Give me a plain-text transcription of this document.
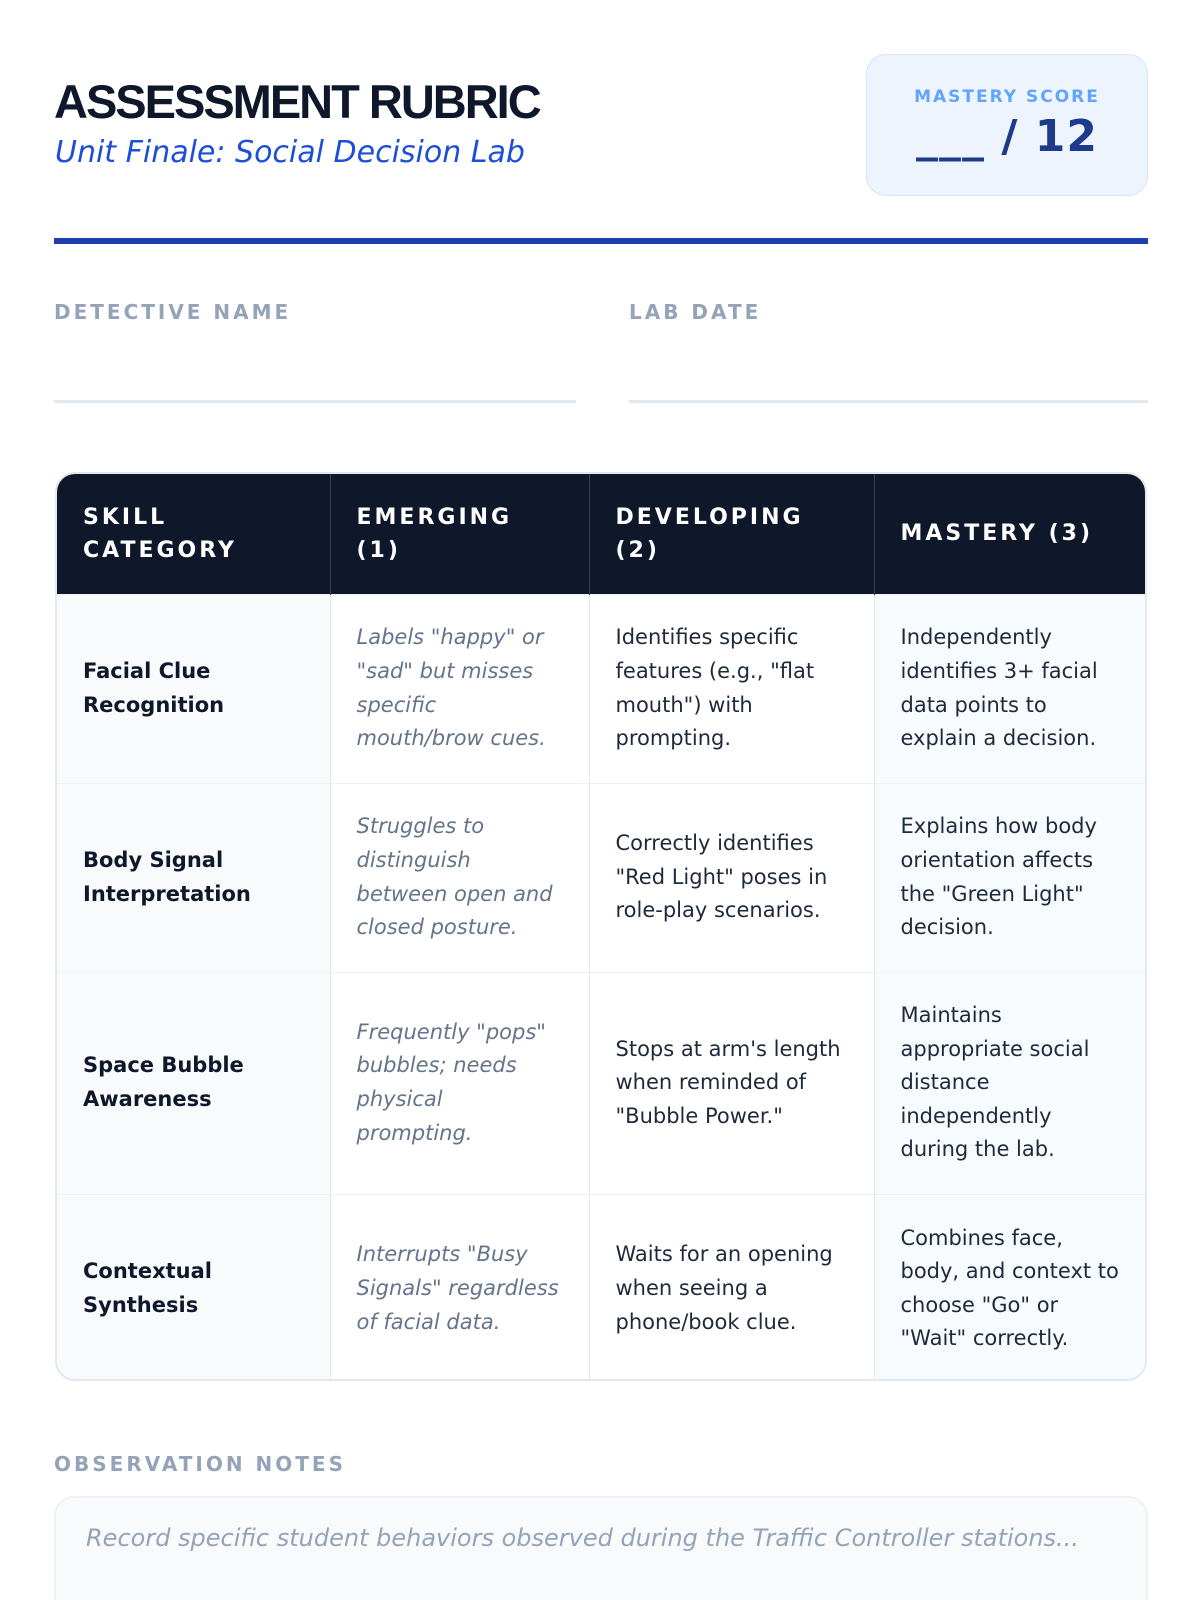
ASSESSMENT RUBRIC
Unit Finale: Social Decision Lab
MASTERY SCORE
___ / 12
DETECTIVE NAME	LAB DATE
SKILL CATEGORY	EMERGING (1)	DEVELOPING (2)	MASTERY (3)
Facial Clue Recognition	Labels "happy" or "sad" but misses specific mouth/brow cues.	Identifies specific features (e.g., "flat mouth") with prompting.	Independently identifies 3+ facial data points to explain a decision.
Body Signal Interpretation	Struggles to distinguish between open and closed posture.	Correctly identifies "Red Light" poses in role-play scenarios.	Explains how body orientation affects the "Green Light" decision.
Space Bubble Awareness	Frequently "pops" bubbles; needs physical prompting.	Stops at arm's length when reminded of "Bubble Power."	Maintains appropriate social distance independently during the lab.
Contextual Synthesis	Interrupts "Busy Signals" regardless of facial data.	Waits for an opening when seeing a phone/book clue.	Combines face, body, and context to choose "Go" or "Wait" correctly.
OBSERVATION NOTES
Record specific student behaviors observed during the Traffic Controller stations...
